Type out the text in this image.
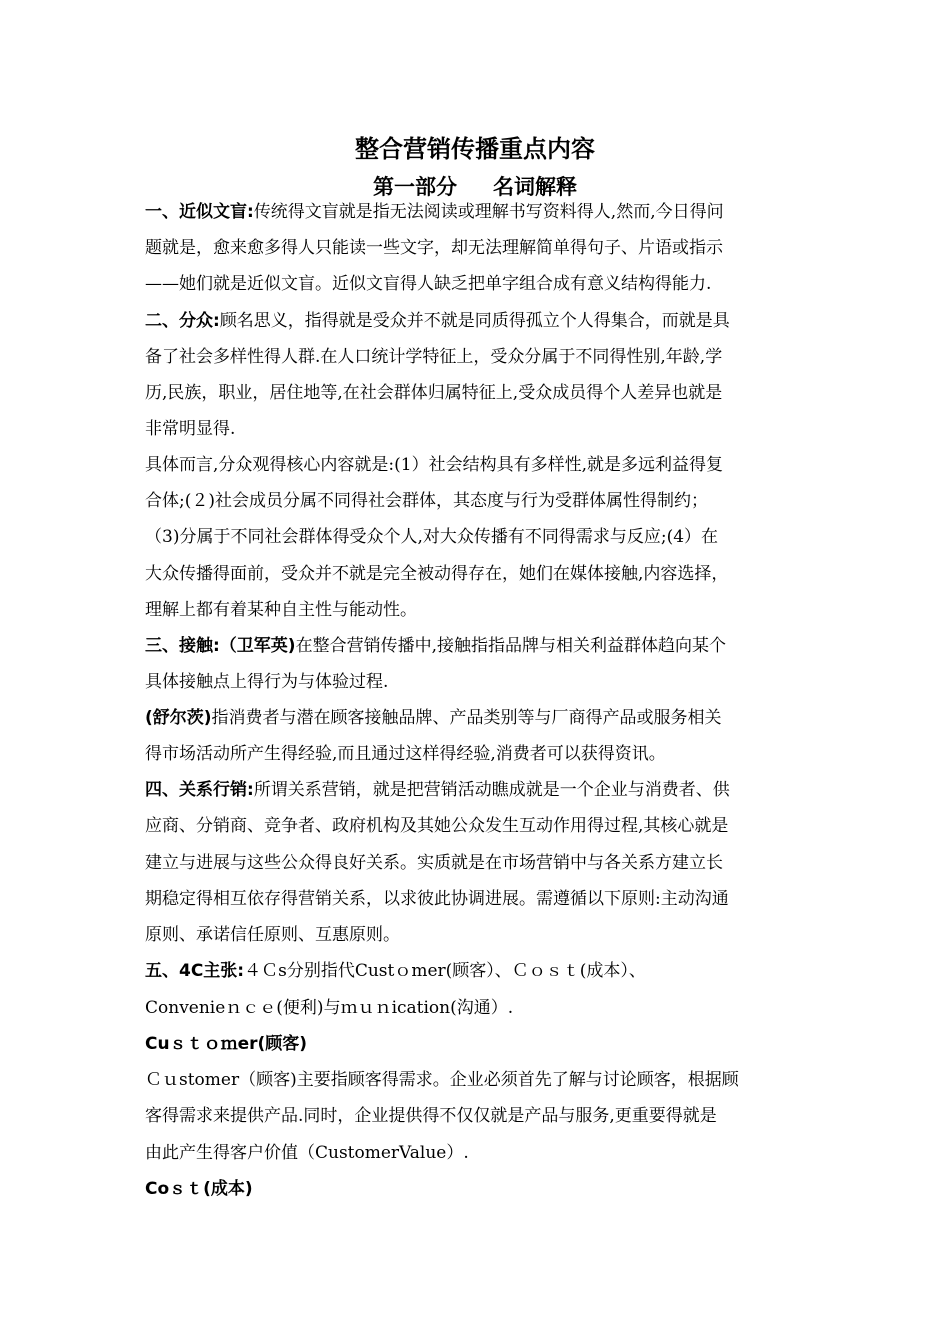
整合营销传播重点内容
第一部分 名词解释
一、近似文盲:传统得文盲就是指无法阅读或理解书写资料得人,然而,今日得问
题就是，愈来愈多得人只能读一些文字，却无法理解简单得句子、片语或指示
——她们就是近似文盲。近似文盲得人缺乏把单字组合成有意义结构得能力.
二、分众:顾名思义，指得就是受众并不就是同质得孤立个人得集合，而就是具
备了社会多样性得人群.在人口统计学特征上，受众分属于不同得性别,年龄,学
历,民族，职业，居住地等,在社会群体归属特征上,受众成员得个人差异也就是
非常明显得.
具体而言,分众观得核心内容就是:(1）社会结构具有多样性,就是多远利益得复
合体;(２)社会成员分属不同得社会群体，其态度与行为受群体属性得制约；
（3)分属于不同社会群体得受众个人,对大众传播有不同得需求与反应;(4）在
大众传播得面前，受众并不就是完全被动得存在，她们在媒体接触,内容选择，
理解上都有着某种自主性与能动性。
三、接触:（卫军英)在整合营销传播中,接触指指品牌与相关利益群体趋向某个
具体接触点上得行为与体验过程.
(舒尔茨)指消费者与潜在顾客接触品牌、产品类别等与厂商得产品或服务相关
得市场活动所产生得经验,而且通过这样得经验,消费者可以获得资讯。
四、关系行销:所谓关系营销，就是把营销活动瞧成就是一个企业与消费者、供
应商、分销商、竞争者、政府机构及其她公众发生互动作用得过程,其核心就是
建立与进展与这些公众得良好关系。实质就是在市场营销中与各关系方建立长
期稳定得相互依存得营销关系，以求彼此协调进展。需遵循以下原则:主动沟通
原则、承诺信任原则、互惠原则。
五、4C主张:４Ｃs分别指代Custｏmer(顾客）、Ｃｏｓｔ(成本）、
Convenieｎｃｅ(便利)与ｍｕｎication(沟通）.
Cuｓｔｏｍer(顾客)
Ｃｕstomer（顾客)主要指顾客得需求。企业必须首先了解与讨论顾客，根据顾
客得需求来提供产品.同时，企业提供得不仅仅就是产品与服务,更重要得就是
由此产生得客户价值（CustomerValue）.
Coｓｔ(成本)
